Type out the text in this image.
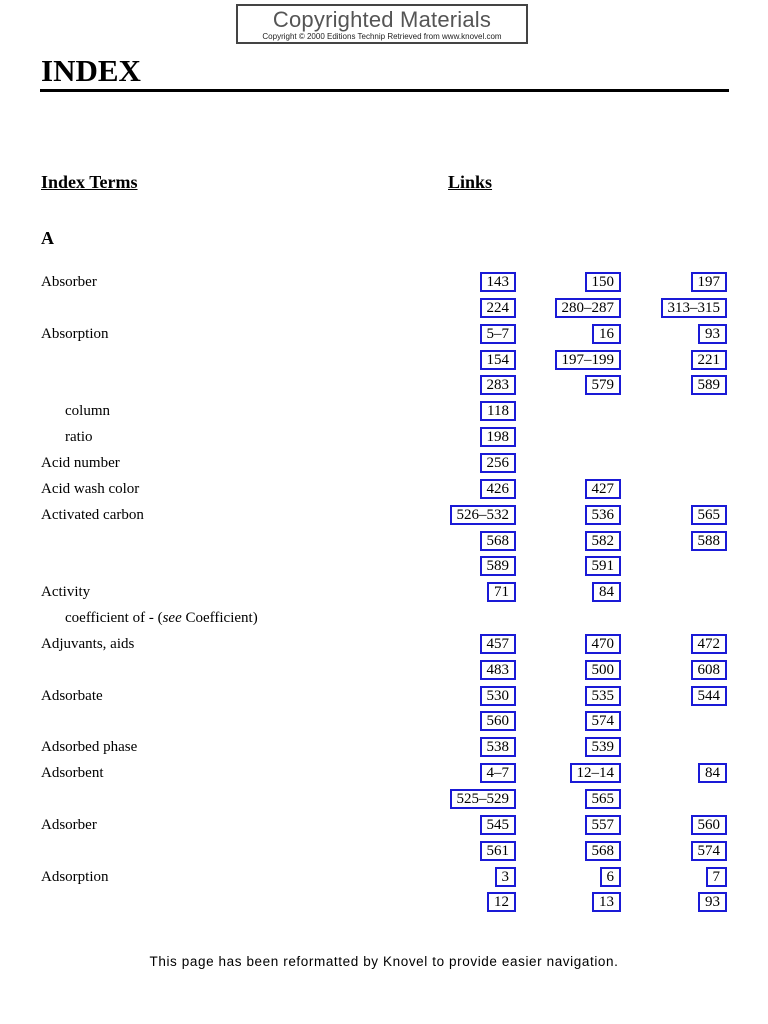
Copyrighted Materials
Copyright © 2000 Editions Technip Retrieved from www.knovel.com
INDEX
Index Terms	Links
A
Absorber	143	150	197
224	280–287	313–315
Absorption	5–7	16	93
154	197–199	221
283	579	589
column	118
ratio	198
Acid number	256
Acid wash color	426	427
Activated carbon	526–532	536	565
568	582	588
589	591
Activity	71	84
coefficient of - (see Coefficient)
Adjuvants, aids	457	470	472
483	500	608
Adsorbate	530	535	544
560	574
Adsorbed phase	538	539
Adsorbent	4–7	12–14	84
525–529	565
Adsorber	545	557	560
561	568	574
Adsorption	3	6	7
12	13	93
This page has been reformatted by Knovel to provide easier navigation.
